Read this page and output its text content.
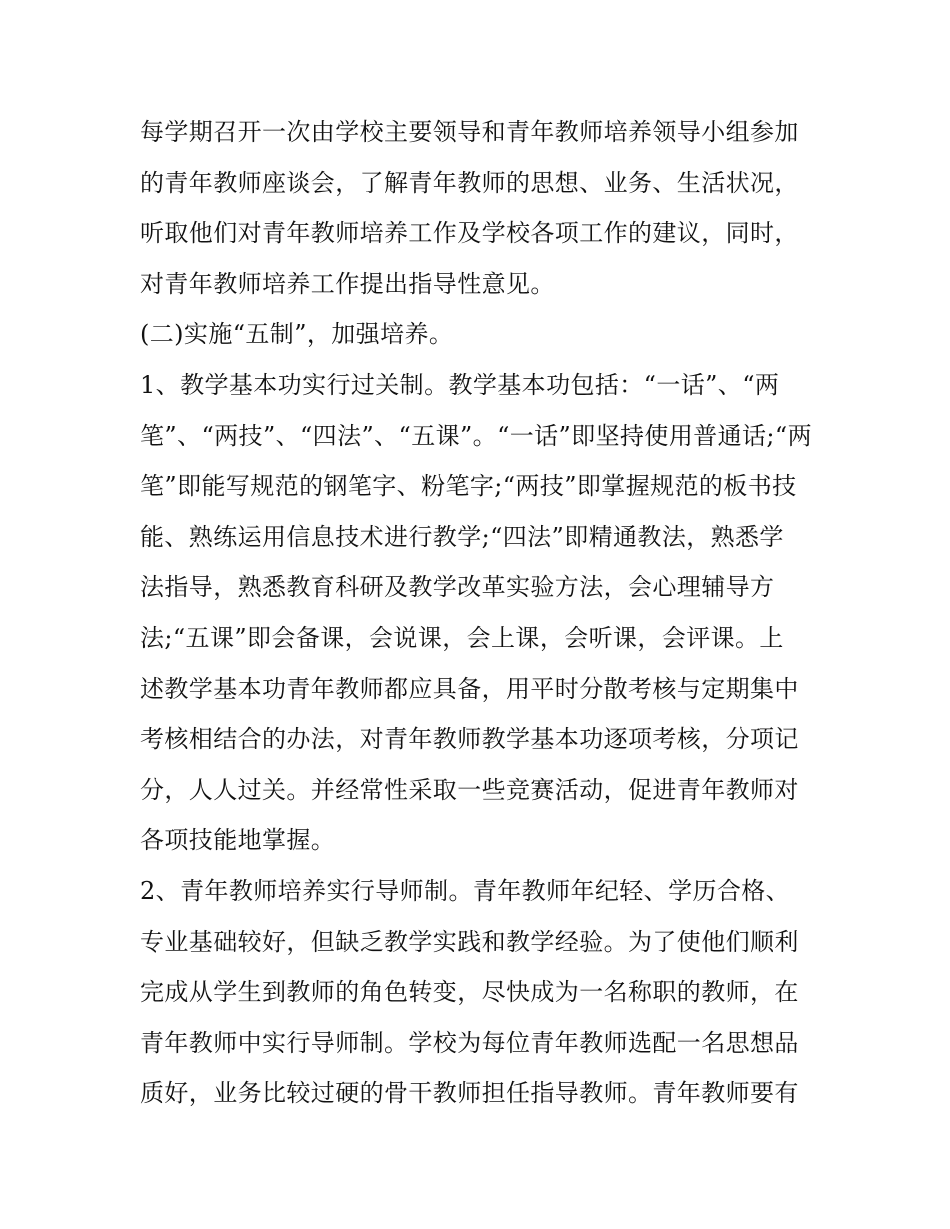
每学期召开一次由学校主要领导和青年教师培养领导小组参加
的青年教师座谈会，了解青年教师的思想、业务、生活状况，
听取他们对青年教师培养工作及学校各项工作的建议，同时，
对青年教师培养工作提出指导性意见。
(二)实施“五制”，加强培养。
1、教学基本功实行过关制。教学基本功包括：“一话”、“两
笔”、“两技”、“四法”、“五课”。“一话”即坚持使用普通话;“两
笔”即能写规范的钢笔字、粉笔字;“两技”即掌握规范的板书技
能、熟练运用信息技术进行教学;“四法”即精通教法，熟悉学
法指导，熟悉教育科研及教学改革实验方法，会心理辅导方
法;“五课”即会备课，会说课，会上课，会听课，会评课。上
述教学基本功青年教师都应具备，用平时分散考核与定期集中
考核相结合的办法，对青年教师教学基本功逐项考核，分项记
分，人人过关。并经常性采取一些竞赛活动，促进青年教师对
各项技能地掌握。
2、青年教师培养实行导师制。青年教师年纪轻、学历合格、
专业基础较好，但缺乏教学实践和教学经验。为了使他们顺利
完成从学生到教师的角色转变，尽快成为一名称职的教师，在
青年教师中实行导师制。学校为每位青年教师选配一名思想品
质好，业务比较过硬的骨干教师担任指导教师。青年教师要有
